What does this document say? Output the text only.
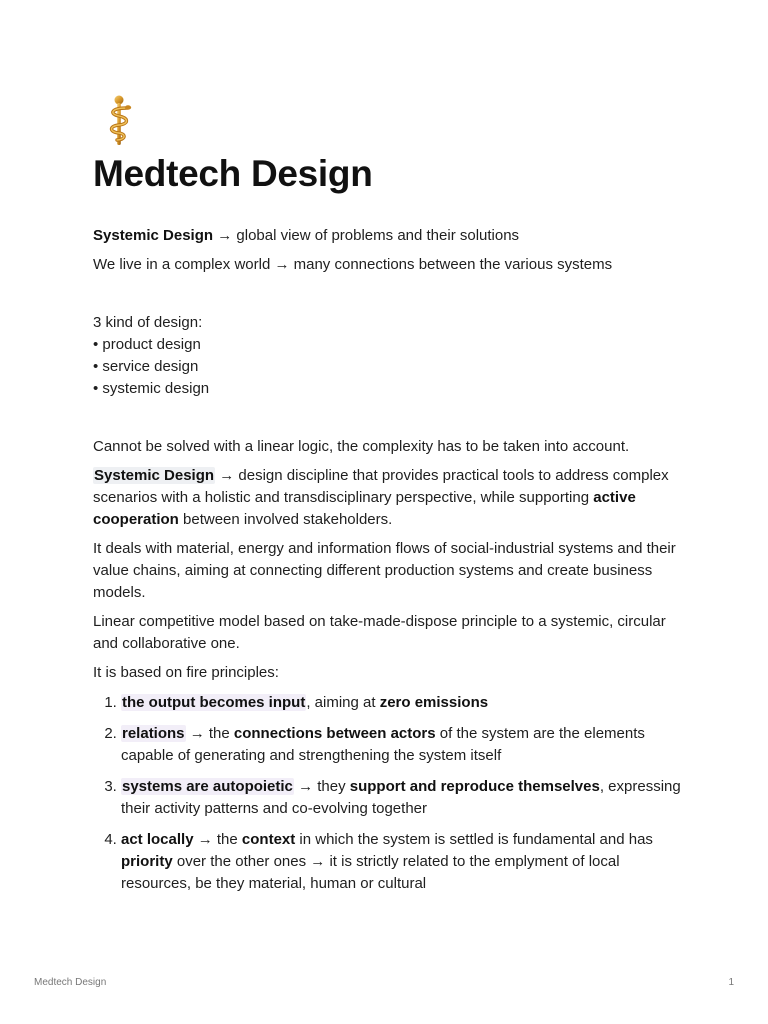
Medtech Design

Systemic Design → global view of problems and their solutions

We live in a complex world → many connections between the various systems

3 kind of design:

• product design

• service design

• systemic design

Cannot be solved with a linear logic, the complexity has to be taken into account.

Systemic Design → design discipline that provides practical tools to address complex scenarios with a holistic and transdisciplinary perspective, while supporting active cooperation between involved stakeholders.

It deals with material, energy and information flows of social-industrial systems and their value chains, aiming at connecting different production systems and create business models.

Linear competitive model based on take-made-dispose principle to a systemic, circular and collaborative one.

It is based on fire principles:

1. the output becomes input, aiming at zero emissions
2. relations → the connections between actors of the system are the elements capable of generating and strengthening the system itself
3. systems are autopoietic → they support and reproduce themselves, expressing their activity patterns and co-evolving together
4. act locally → the context in which the system is settled is fundamental and has priority over the other ones → it is strictly related to the emplyment of local resources, be they material, human or cultural
Medtech Design	1
